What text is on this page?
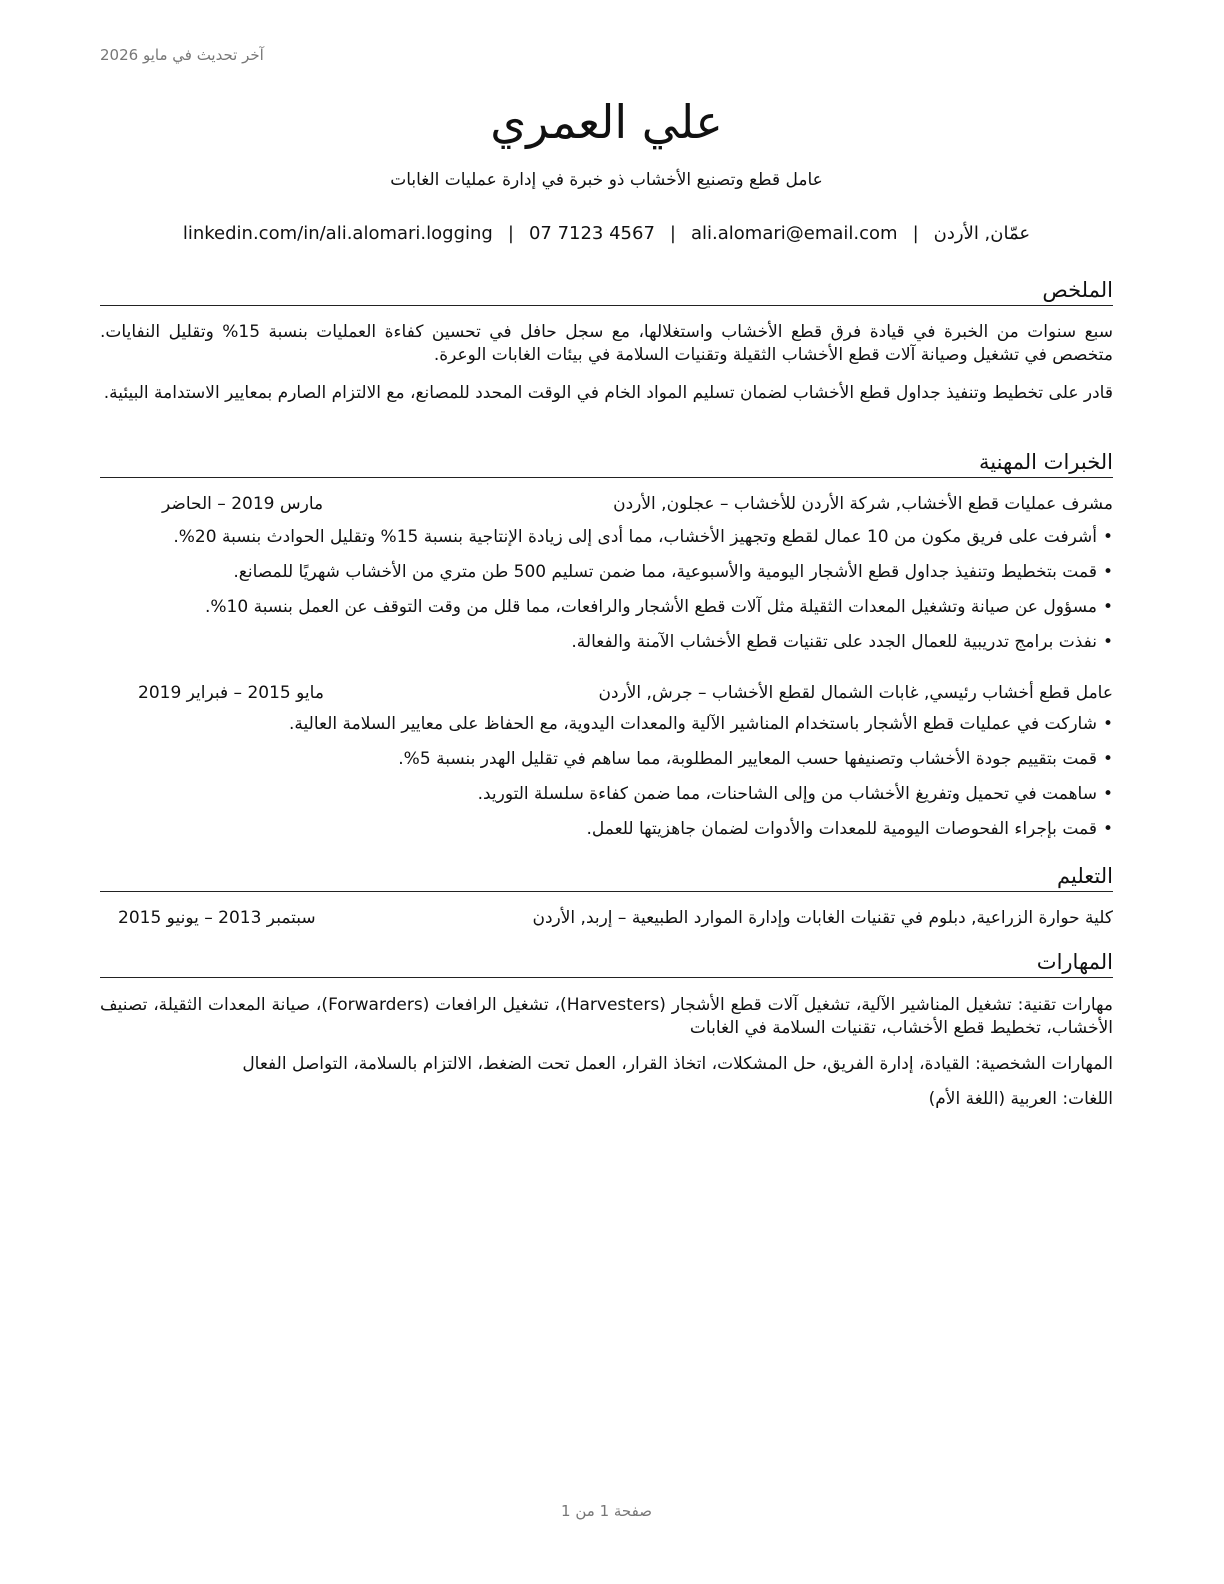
آخر تحديث في مايو 2026
علي العمري
عامل قطع وتصنيع الأخشاب ذو خبرة في إدارة عمليات الغابات
عمّان, الأردن|ali.alomari@email.com|07 7123 4567|linkedin.com/in/ali.alomari.logging
الملخص
سبع سنوات من الخبرة في قيادة فرق قطع الأخشاب واستغلالها، مع سجل حافل في تحسين كفاءة العمليات بنسبة 15% وتقليل النفايات. متخصص في تشغيل وصيانة آلات قطع الأخشاب الثقيلة وتقنيات السلامة في بيئات الغابات الوعرة.
قادر على تخطيط وتنفيذ جداول قطع الأخشاب لضمان تسليم المواد الخام في الوقت المحدد للمصانع، مع الالتزام الصارم بمعايير الاستدامة البيئية.
الخبرات المهنية
مشرف عمليات قطع الأخشاب, شركة الأردن للأخشاب – عجلون, الأردن
مارس 2019 – الحاضر
•أشرفت على فريق مكون من 10 عمال لقطع وتجهيز الأخشاب، مما أدى إلى زيادة الإنتاجية بنسبة 15% وتقليل الحوادث بنسبة 20%.
•قمت بتخطيط وتنفيذ جداول قطع الأشجار اليومية والأسبوعية، مما ضمن تسليم 500 طن متري من الأخشاب شهريًا للمصانع.
•مسؤول عن صيانة وتشغيل المعدات الثقيلة مثل آلات قطع الأشجار والرافعات، مما قلل من وقت التوقف عن العمل بنسبة 10%.
•نفذت برامج تدريبية للعمال الجدد على تقنيات قطع الأخشاب الآمنة والفعالة.
عامل قطع أخشاب رئيسي, غابات الشمال لقطع الأخشاب – جرش, الأردن
مايو 2015 – فبراير 2019
•شاركت في عمليات قطع الأشجار باستخدام المناشير الآلية والمعدات اليدوية، مع الحفاظ على معايير السلامة العالية.
•قمت بتقييم جودة الأخشاب وتصنيفها حسب المعايير المطلوبة، مما ساهم في تقليل الهدر بنسبة 5%.
•ساهمت في تحميل وتفريغ الأخشاب من وإلى الشاحنات، مما ضمن كفاءة سلسلة التوريد.
•قمت بإجراء الفحوصات اليومية للمعدات والأدوات لضمان جاهزيتها للعمل.
التعليم
كلية حوارة الزراعية, دبلوم في تقنيات الغابات وإدارة الموارد الطبيعية – إربد, الأردن
سبتمبر 2013 – يونيو 2015
المهارات
مهارات تقنية: تشغيل المناشير الآلية، تشغيل آلات قطع الأشجار (Harvesters)، تشغيل الرافعات (Forwarders)، صيانة المعدات الثقيلة، تصنيف الأخشاب، تخطيط قطع الأخشاب، تقنيات السلامة في الغابات
المهارات الشخصية: القيادة، إدارة الفريق، حل المشكلات، اتخاذ القرار، العمل تحت الضغط، الالتزام بالسلامة، التواصل الفعال
اللغات: العربية (اللغة الأم)
صفحة 1 من 1
